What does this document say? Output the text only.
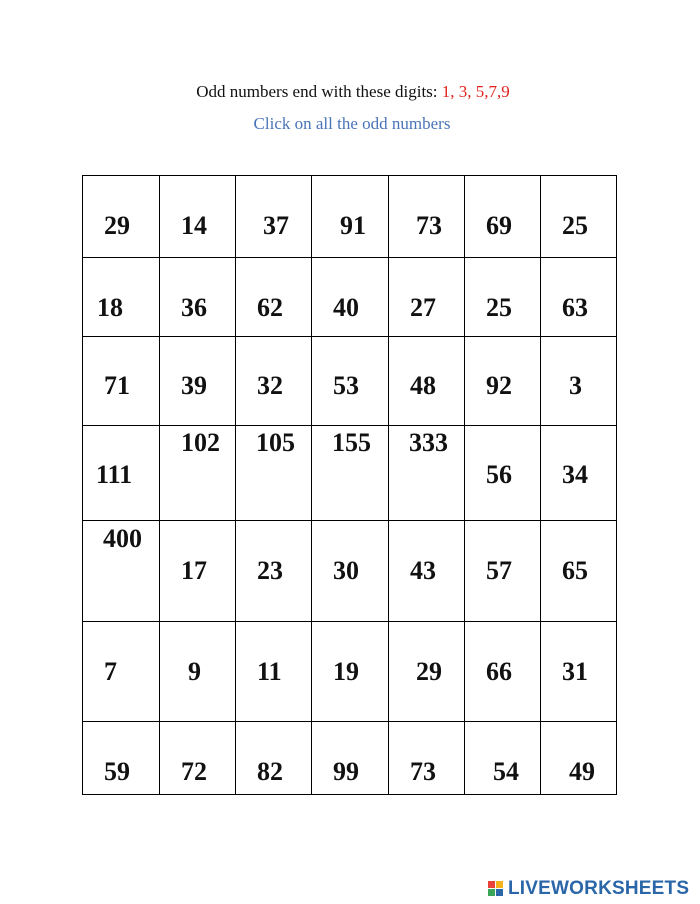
Odd numbers end with these digits: 1, 3, 5,7,9
Click on all the odd numbers
29 14 37 91 73 69 25
18 36 62 40 27 25 63
71 39 32 53 48 92 3
111
102 105 155 333
56 34
400
17 23 30 43 57 65
7	9 11 19 29 66 31
59 72 82 99 73 54 49
LIVEWORKSHEETS
